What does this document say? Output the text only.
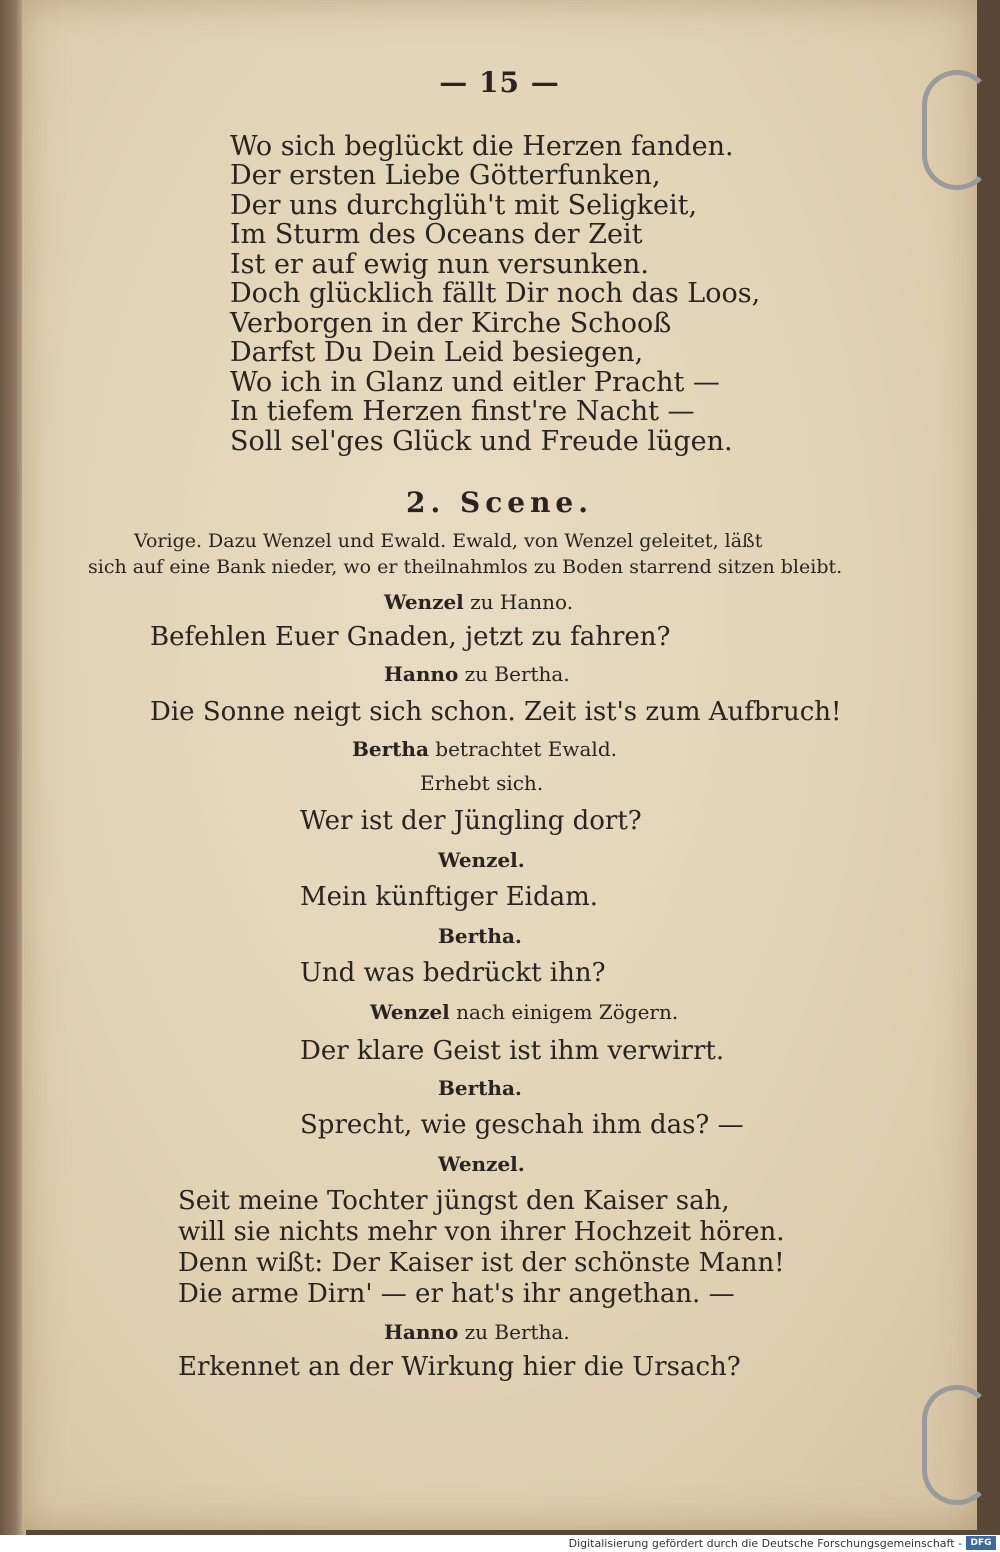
— 15 —
Wo sich beglückt die Herzen fanden.
Der ersten Liebe Götterfunken,
Der uns durchglüh't mit Seligkeit,
Im Sturm des Oceans der Zeit
Ist er auf ewig nun versunken.
Doch glücklich fällt Dir noch das Loos,
Verborgen in der Kirche Schooß
Darfst Du Dein Leid besiegen,
Wo ich in Glanz und eitler Pracht —
In tiefem Herzen finst're Nacht —
Soll sel'ges Glück und Freude lügen.
2. Scene.
Vorige. Dazu Wenzel und Ewald. Ewald, von Wenzel geleitet, läßt
sich auf eine Bank nieder, wo er theilnahmlos zu Boden starrend sitzen bleibt.
Wenzel zu Hanno.
Befehlen Euer Gnaden, jetzt zu fahren?
Hanno zu Bertha.
Die Sonne neigt sich schon. Zeit ist's zum Aufbruch!
Bertha betrachtet Ewald.
Erhebt sich.
Wer ist der Jüngling dort?
Wenzel.
Mein künftiger Eidam.
Bertha.
Und was bedrückt ihn?
Wenzel nach einigem Zögern.
Der klare Geist ist ihm verwirrt.
Bertha.
Sprecht, wie geschah ihm das? —
Wenzel.
Seit meine Tochter jüngst den Kaiser sah,
will sie nichts mehr von ihrer Hochzeit hören.
Denn wißt: Der Kaiser ist der schönste Mann!
Die arme Dirn' — er hat's ihr angethan. —
Hanno zu Bertha.
Erkennet an der Wirkung hier die Ursach?
Digitalisierung gefördert durch die Deutsche Forschungsgemeinschaft - DFG
